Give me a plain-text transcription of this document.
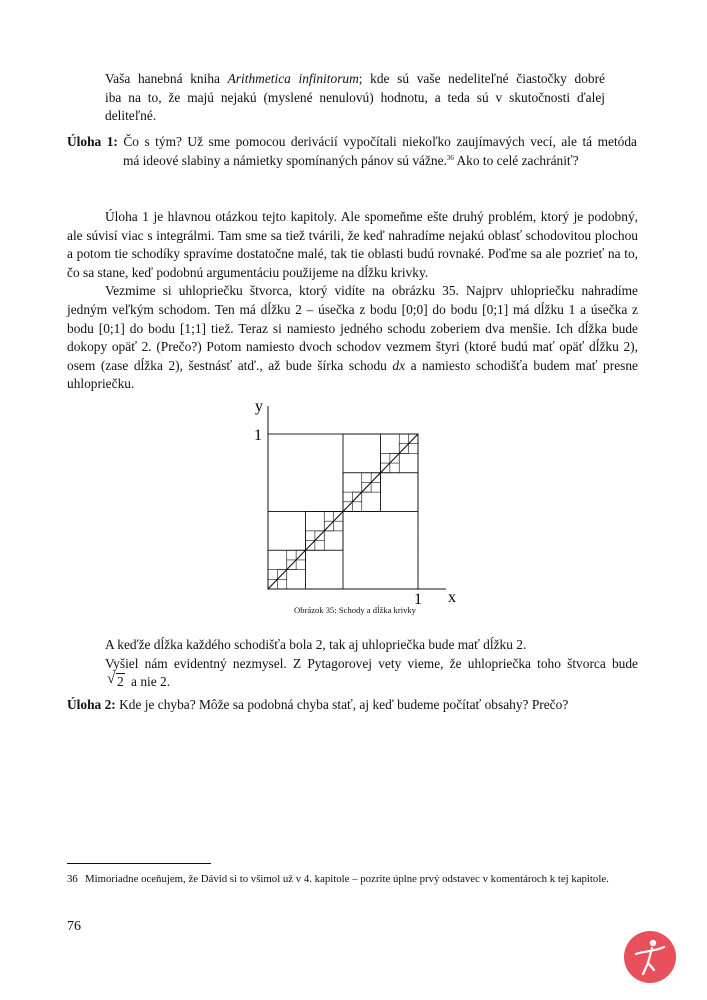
Vaša hanebná kniha Arithmetica infinitorum; kde sú vaše nedeliteľné čiastočky dobré
iba na to, že majú nejakú (myslené nenulovú) hodnotu, a teda sú v skutočnosti ďalej
deliteľné.
Úloha 1: Čo s tým? Už sme pomocou derivácií vypočítali niekoľko zaujímavých vecí, ale tá metóda
má ideové slabiny a námietky spomínaných pánov sú vážne.$^{36}$ Ako to celé zachrániť?

Úloha 1 je hlavnou otázkou tejto kapitoly. Ale spomeňme ešte druhý problém, ktorý je podobný, ale súvisí viac s integrálmi. Tam sme sa tiež tvárili, že keď nahradíme nejakú oblasť schodovitou plochou a potom tie schodíky spravíme dostatočne malé, tak tie oblasti budú rovnaké. Poďme sa ale pozrieť na to, čo sa stane, keď podobnú argumentáciu použijeme na dĺžku krivky.

Vezmime si uhlopriečku štvorca, ktorý vidíte na obrázku 35. Najprv uhlopriečku nahradíme jedným veľkým schodom. Ten má dĺžku 2 – úsečka z bodu [0;0] do bodu [0;1] má dĺžku 1 a úsečka z bodu [0;1] do bodu [1;1] tiež. Teraz si namiesto jedného schodu zoberiem dva menšie. Ich dĺžka bude dokopy opäť 2. (Prečo?) Potom namiesto dvoch schodov vezmem štyri (ktoré budú mať opäť dĺžku 2), osem (zase dĺžka 2), šestnásť atď., až bude šírka schodu dx a namiesto schodišťa budem mať presne uhlopriečku.

y
1
x
1
Obrázok 35: Schody a dĺžka krivky

A keďže dĺžka každého schodišťa bola 2, tak aj uhlopriečka bude mať dĺžku 2.

Vyšiel nám evidentný nezmysel. Z Pytagorovej vety vieme, že uhlopriečka toho štvorca bude
√ 2 a nie 2.

Úloha 2: Kde je chyba? Môže sa podobná chyba stať, aj keď budeme počítať obsahy? Prečo?
36 Mimoriadne oceňujem, že Dávid si to všimol už v 4. kapitole – pozrite úplne prvý odstavec v komentároch k tej kapitole.
76
